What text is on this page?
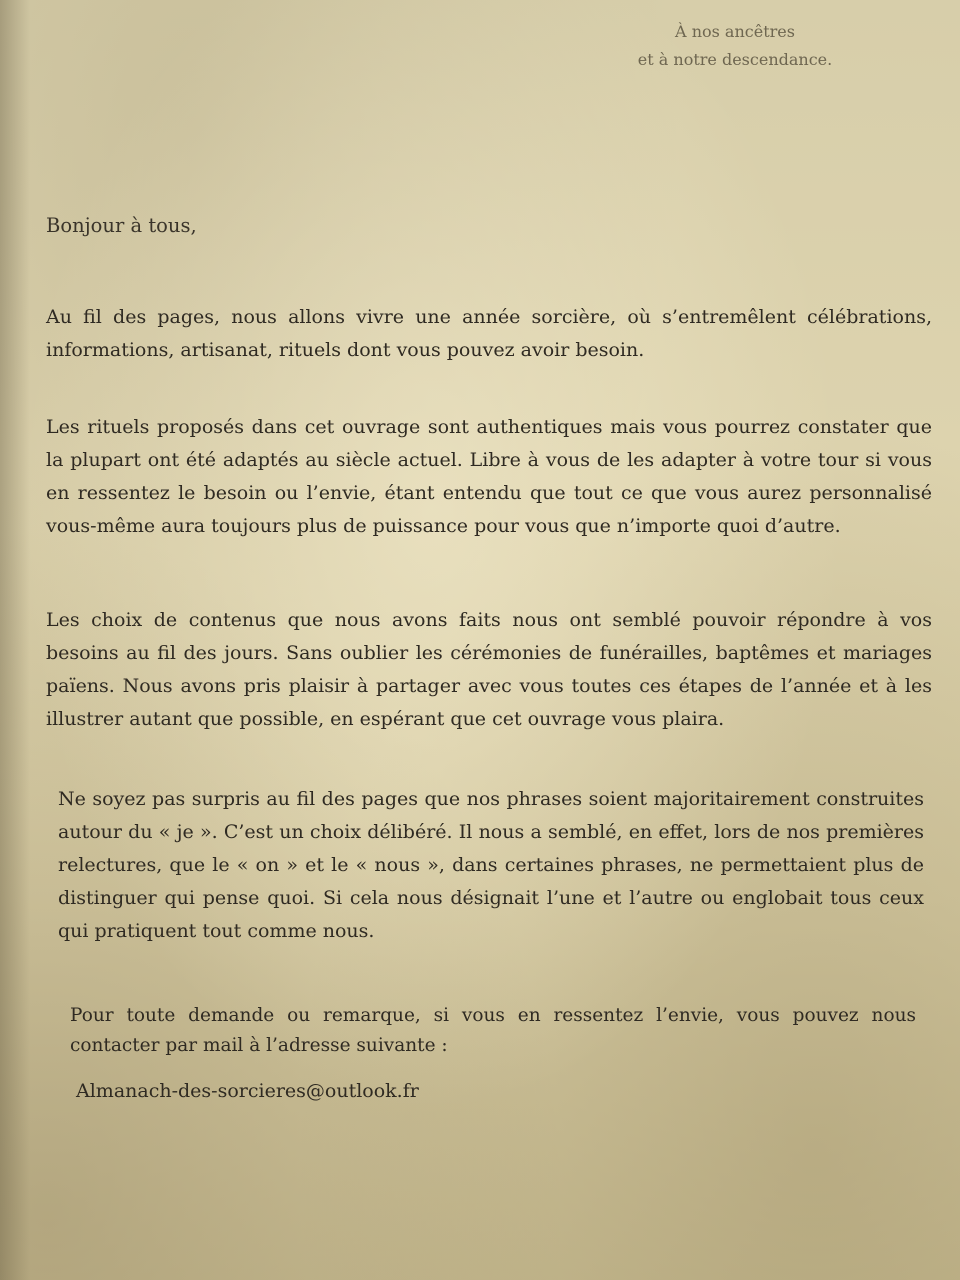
À nos ancêtres
et à notre descendance.
Bonjour à tous,

Au fil des pages, nous allons vivre une année sorcière, où s’entremêlent célébrations, informations, artisanat, rituels dont vous pouvez avoir besoin.

Les rituels proposés dans cet ouvrage sont authentiques mais vous pourrez constater que la plupart ont été adaptés au siècle actuel. Libre à vous de les adapter à votre tour si vous en ressentez le besoin ou l’envie, étant entendu que tout ce que vous aurez personnalisé vous-même aura toujours plus de puissance pour vous que n’importe quoi d’autre.

Les choix de contenus que nous avons faits nous ont semblé pouvoir répondre à vos besoins au fil des jours. Sans oublier les cérémonies de funérailles, baptêmes et mariages païens. Nous avons pris plaisir à partager avec vous toutes ces étapes de l’année et à les illustrer autant que possible, en espérant que cet ouvrage vous plaira.

Ne soyez pas surpris au fil des pages que nos phrases soient majoritairement construites autour du « je ». C’est un choix délibéré. Il nous a semblé, en effet, lors de nos premières relectures, que le « on » et le « nous », dans certaines phrases, ne permettaient plus de distinguer qui pense quoi. Si cela nous désignait l’une et l’autre ou englobait tous ceux qui pratiquent tout comme nous.

Pour toute demande ou remarque, si vous en ressentez l’envie, vous pouvez nous contacter par mail à l’adresse suivante :

Almanach-des-sorcieres@outlook.fr
